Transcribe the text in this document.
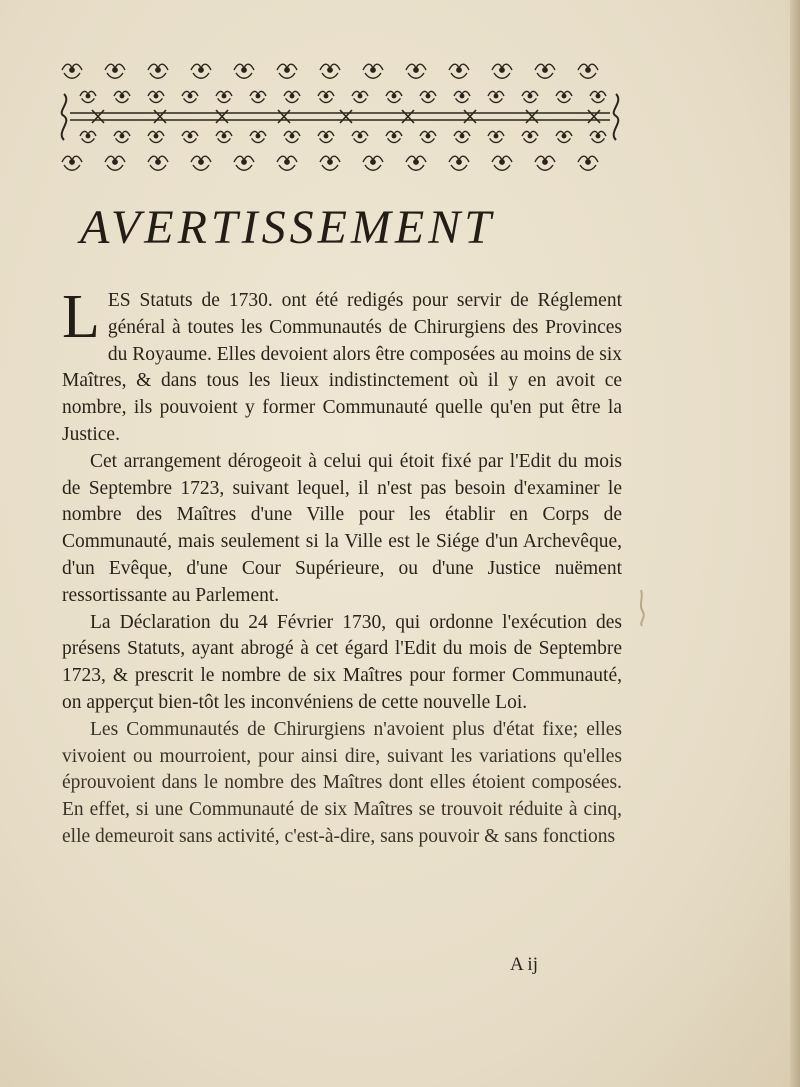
AVERTISSEMENT

LES Statuts de 1730. ont été redigés pour servir de Réglement général à toutes les Communautés de Chirurgiens des Provinces du Royaume. Elles devoient alors être composées au moins de six Maîtres, & dans tous les lieux indistinctement où il y en avoit ce nombre, ils pouvoient y former Communauté quelle qu'en put être la Justice.

Cet arrangement dérogeoit à celui qui étoit fixé par l'Edit du mois de Septembre 1723, suivant lequel, il n'est pas besoin d'examiner le nombre des Maîtres d'une Ville pour les établir en Corps de Communauté, mais seulement si la Ville est le Siége d'un Archevêque, d'un Evêque, d'une Cour Supérieure, ou d'une Justice nuëment ressortissante au Parlement.

La Déclaration du 24 Février 1730, qui ordonne l'exécution des présens Statuts, ayant abrogé à cet égard l'Edit du mois de Septembre 1723, & prescrit le nombre de six Maîtres pour former Communauté, on apperçut bien-tôt les inconvéniens de cette nouvelle Loi.

Les Communautés de Chirurgiens n'avoient plus d'état fixe; elles vivoient ou mourroient, pour ainsi dire, suivant les variations qu'elles éprouvoient dans le nombre des Maîtres dont elles étoient composées. En effet, si une Communauté de six Maîtres se trouvoit réduite à cinq, elle demeuroit sans activité, c'est-à-dire, sans pouvoir & sans fonctions

A ij
